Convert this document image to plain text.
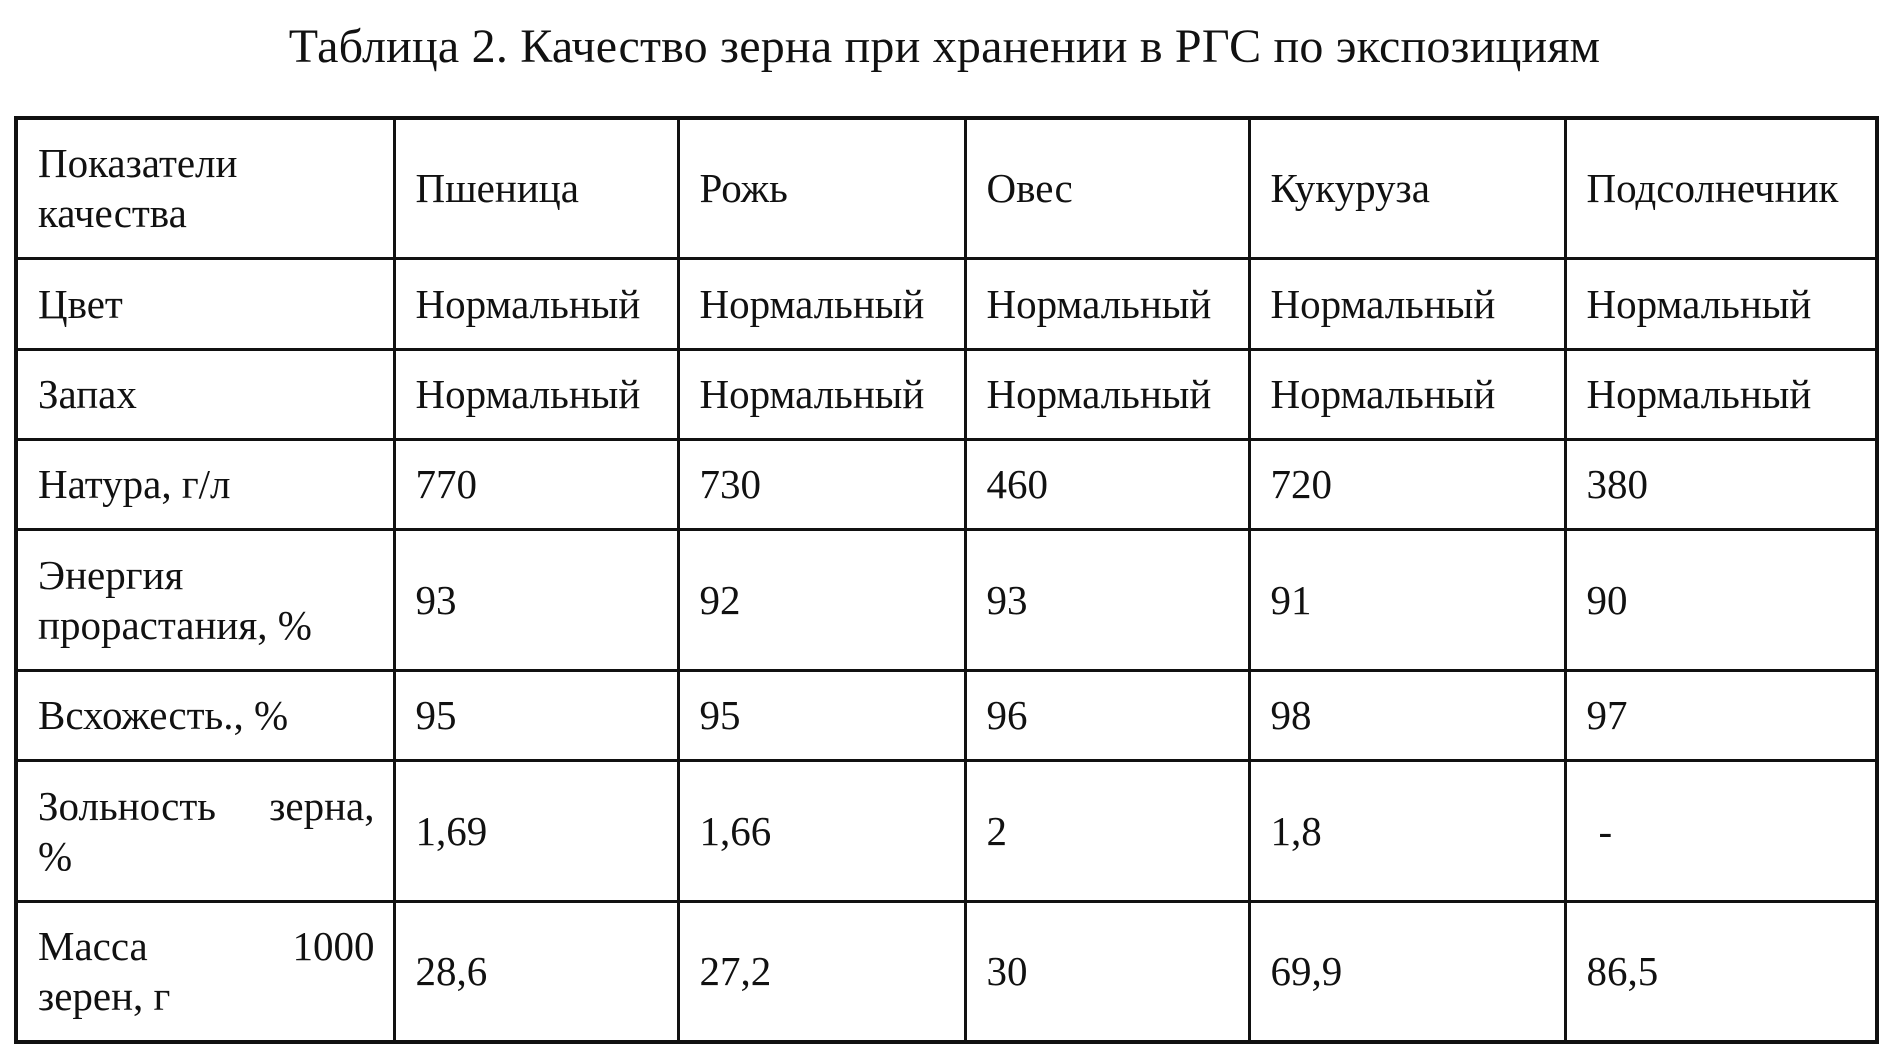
Таблица 2. Качество зерна при хранении в РГС по экспозициям
Показатели
качества	Пшеница	Рожь	Овес	Кукуруза	Подсолнечник
Цвет	Нормальный	Нормальный	Нормальный	Нормальный	Нормальный
Запах	Нормальный	Нормальный	Нормальный	Нормальный	Нормальный
Натура, г/л	770	730	460	720	380

Энергия
прорастания, %	93	92	93	91	90
Всхожесть., %	95	95	96	98	97

Зольность зерна,
%	1,69	1,66	2	1,8	-

Масса 1000
зерен, г	28,6	27,2	30	69,9	86,5
